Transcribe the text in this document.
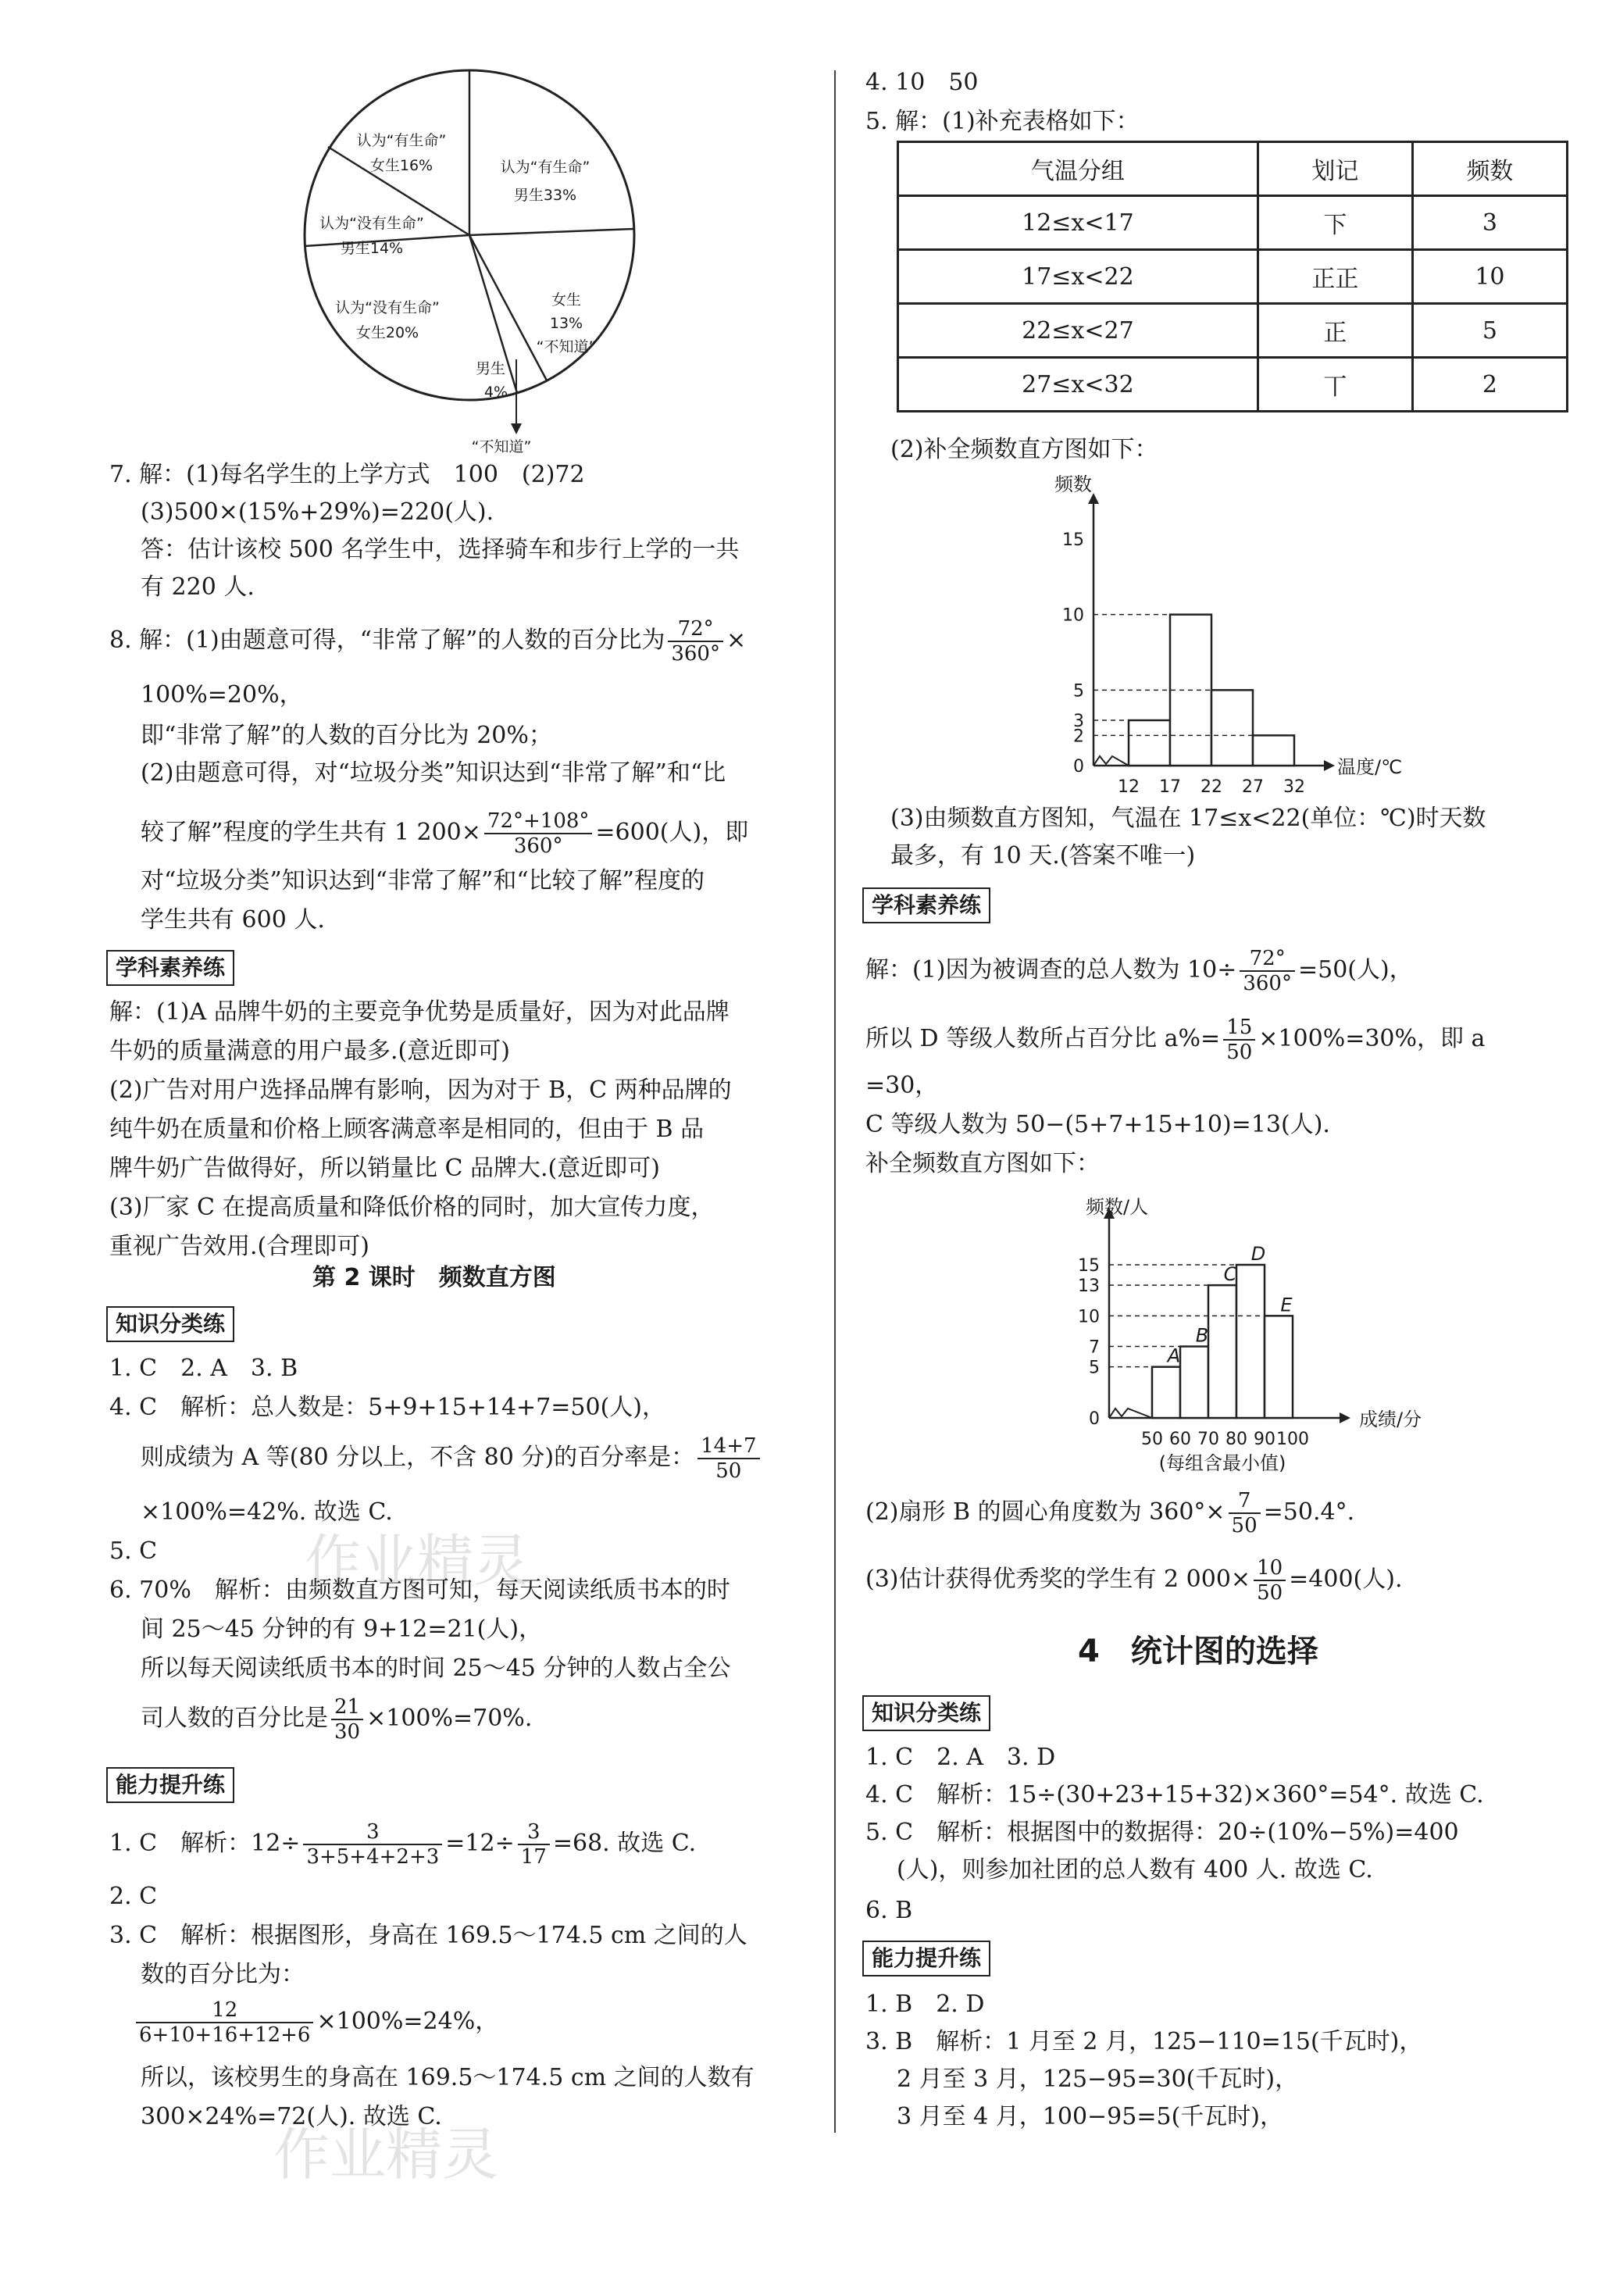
作业精灵
作业精灵
认为“有生命”
男生33%
女生
13%
“不知道”
男生
4%
认为“没有生命”
女生20%
认为“没有生命”
男生14%
认为“有生命”
女生16%
“不知道”
7. 解：(1)每名学生的上学方式　100　(2)72
(3)500×(15%+29%)=220(人).
答：估计该校 500 名学生中，选择骑车和步行上学的一共
有 220 人.
8. 解：(1)由题意可得，“非常了解”的人数的百分比为 $\frac{72^\circ}{360^\circ}$ ×
100%=20%，
即“非常了解”的人数的百分比为 20%；
(2)由题意可得，对“垃圾分类”知识达到“非常了解”和“比
较了解”程度的学生共有 1 $200\times \frac{72^\circ+108^\circ}{360^\circ} =600$(人)，即
对“垃圾分类”知识达到“非常了解”和“比较了解”程度的
学生共有 600 人.
学科素养练
解：(1)A 品牌牛奶的主要竞争优势是质量好，因为对此品牌
牛奶的质量满意的用户最多.(意近即可)
(2)广告对用户选择品牌有影响，因为对于 B，C 两种品牌的
纯牛奶在质量和价格上顾客满意率是相同的，但由于 B 品
牌牛奶广告做得好，所以销量比 C 品牌大.(意近即可)
(3)厂家 C 在提高质量和降低价格的同时，加大宣传力度，
重视广告效用.(合理即可)
第 2 课时　频数直方图
知识分类练
1. C　2. A　3. B
4. C　解析：总人数是：5+9+15+14+7=50(人)，
则成绩为 A 等(80 分以上，不含 80 分)的百分率是： $\frac{14+7}{50}$
×100%=42%. 故选 C.
5. C
6. 70%　解析：由频数直方图可知，每天阅读纸质书本的时
间 25～45 分钟的有 9+12=21(人)，
所以每天阅读纸质书本的时间 25～45 分钟的人数占全公
司人数的百分比是 $\frac{21}{30} \times 100\%=70\%$.
能力提升练
1. C　解析：$12\div \frac{3}{3+5+4+2+3} =12\div \frac{3}{17} =68$. 故选 C.
2. C
3. C　解析：根据图形，身高在 169.5～174.5 cm 之间的人
数的百分比为：
$\frac{12}{6+10+16+12+6} \times 100\%=24\%$，
所以，该校男生的身高在 169.5～174.5 cm 之间的人数有
300×24%=72(人). 故选 C.
4. 10　50
5. 解：(1)补充表格如下：
气温分组	划记	频数
12≤x<17	下	3
17≤x<22	正正	10
22≤x<27	正	5
27≤x<32	丅	2
(2)补全频数直方图如下：
频数
温度/℃
0
2
3
5
10
15
12 17 22 27 32
(3)由频数直方图知，气温在 17≤x<22(单位：℃)时天数
最多，有 10 天.(答案不唯一)
学科素养练
解：(1)因为被调查的总人数为 $10\div \frac{72^\circ}{360^\circ} =50$(人)，
所以 D 等级人数所占百分比 $a\%= \frac{15}{50} \times 100\%=30\%$，即 a
=30，
C 等级人数为 50−(5+7+15+10)=13(人).
补全频数直方图如下：
频数/人
成绩/分
0
5
7
10
13
15
A
B
C
D
E
50 60 70 80 90 100
(每组含最小值)
(2)扇形 B 的圆心角度数为 $360^\circ\times \frac{7}{50} =50.4^\circ$.
(3)估计获得优秀奖的学生有 2 $000\times \frac{10}{50} =400$(人).
4　统计图的选择
知识分类练
1. C　2. A　3. D
4. C　解析：15÷(30+23+15+32)×360°=54°. 故选 C.
5. C　解析：根据图中的数据得：20÷(10%−5%)=400
(人)，则参加社团的总人数有 400 人. 故选 C.
6. B
能力提升练
1. B　2. D
3. B　解析：1 月至 2 月，125−110=15(千瓦时)，
2 月至 3 月，125−95=30(千瓦时)，
3 月至 4 月，100−95=5(千瓦时)，
